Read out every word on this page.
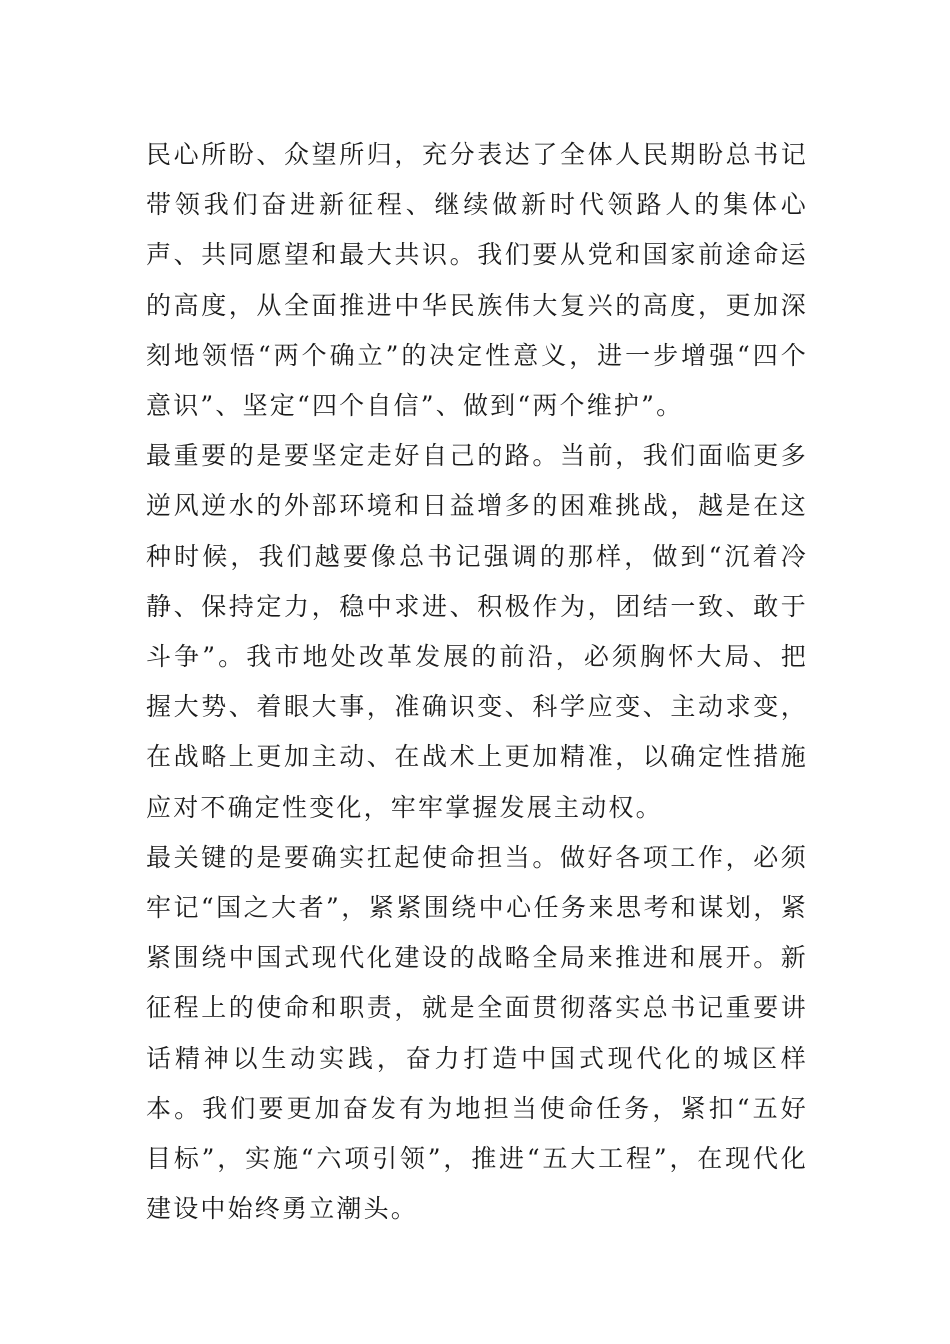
民心所盼、众望所归，充分表达了全体人民期盼总书记带领我们奋进新征程、继续做新时代领路人的集体心声、共同愿望和最大共识。我们要从党和国家前途命运的高度，从全面推进中华民族伟大复兴的高度，更加深刻地领悟“两个确立”的决定性意义，进一步增强“四个意识”、坚定“四个自信”、做到“两个维护”。

最重要的是要坚定走好自己的路。当前，我们面临更多逆风逆水的外部环境和日益增多的困难挑战，越是在这种时候，我们越要像总书记强调的那样，做到“沉着冷静、保持定力，稳中求进、积极作为，团结一致、敢于斗争”。我市地处改革发展的前沿，必须胸怀大局、把握大势、着眼大事，准确识变、科学应变、主动求变，在战略上更加主动、在战术上更加精准，以确定性措施应对不确定性变化，牢牢掌握发展主动权。

最关键的是要确实扛起使命担当。做好各项工作，必须牢记“国之大者”，紧紧围绕中心任务来思考和谋划，紧紧围绕中国式现代化建设的战略全局来推进和展开。新征程上的使命和职责，就是全面贯彻落实总书记重要讲话精神以生动实践，奋力打造中国式现代化的城区样本。我们要更加奋发有为地担当使命任务，紧扣“五好目标”，实施“六项引领”，推进“五大工程”，在现代化建设中始终勇立潮头。
